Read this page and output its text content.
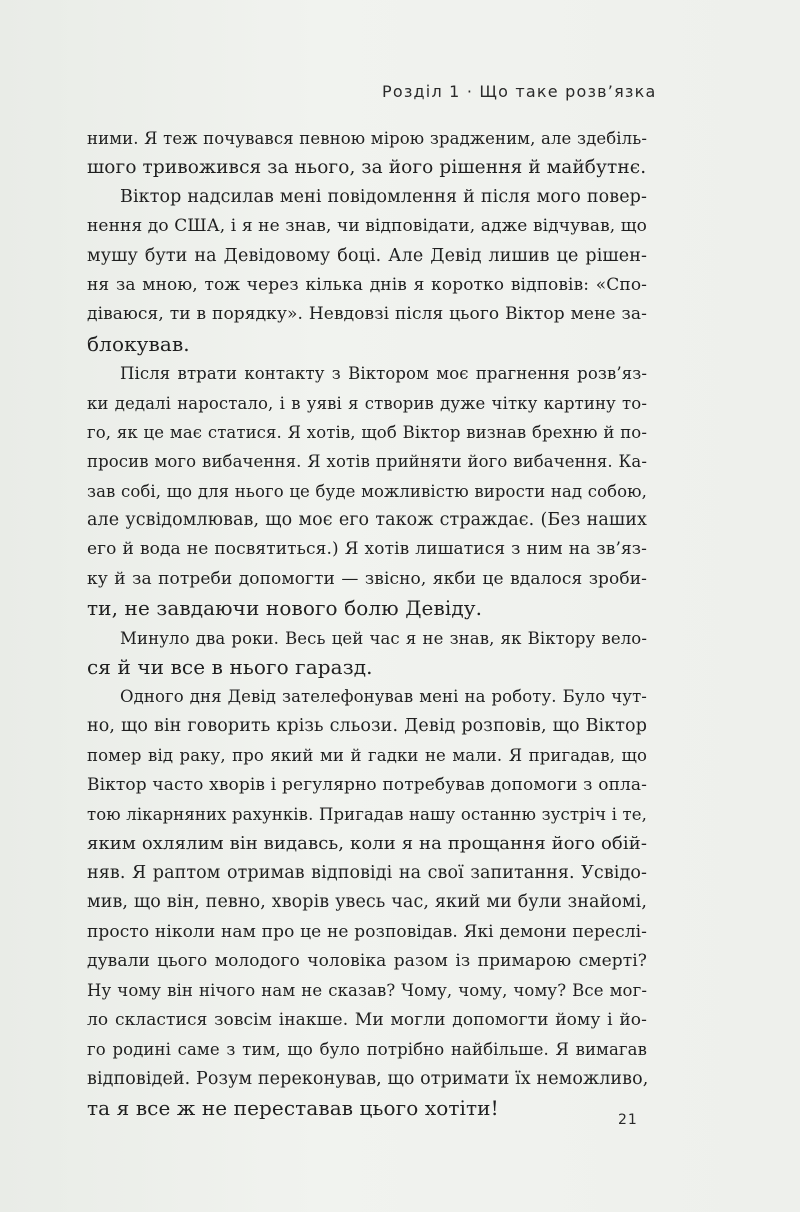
Розділ 1 · Що таке розв’язка
ними. Я теж почувався певною мірою зрадженим, але здебіль-
шого тривожився за нього, за його рішення й майбутнє.
Віктор надсилав мені повідомлення й після мого повер-
нення до США, і я не знав, чи відповідати, адже відчував, що
мушу бути на Девідовому боці. Але Девід лишив це рішен-
ня за мною, тож через кілька днів я коротко відповів: «Спо-
діваюся, ти в порядку». Невдовзі після цього Віктор мене за-
блокував.
Після втрати контакту з Віктором моє прагнення розв’яз-
ки дедалі наростало, і в уяві я створив дуже чітку картину то-
го, як це має статися. Я хотів, щоб Віктор визнав брехню й по-
просив мого вибачення. Я хотів прийняти його вибачення. Ка-
зав собі, що для нього це буде можливістю вирости над собою,
але усвідомлював, що моє его також страждає. (Без наших
его й вода не посвятиться.) Я хотів лишатися з ним на зв’яз-
ку й за потреби допомогти — звісно, якби це вдалося зроби-
ти, не завдаючи нового болю Девіду.
Минуло два роки. Весь цей час я не знав, як Віктору вело-
ся й чи все в нього гаразд.
Одного дня Девід зателефонував мені на роботу. Було чут-
но, що він говорить крізь сльози. Девід розповів, що Віктор
помер від раку, про який ми й гадки не мали. Я пригадав, що
Віктор часто хворів і регулярно потребував допомоги з опла-
тою лікарняних рахунків. Пригадав нашу останню зустріч і те,
яким охлялим він видавсь, коли я на прощання його обій-
няв. Я раптом отримав відповіді на свої запитання. Усвідо-
мив, що він, певно, хворів увесь час, який ми були знайомі,
просто ніколи нам про це не розповідав. Які демони переслі-
дували цього молодого чоловіка разом із примарою смерті?
Ну чому він нічого нам не сказав? Чому, чому, чому? Все мог-
ло скластися зовсім інакше. Ми могли допомогти йому і йо-
го родині саме з тим, що було потрібно найбільше. Я вимагав
відповідей. Розум переконував, що отримати їх неможливо,
та я все ж не переставав цього хотіти!
21
